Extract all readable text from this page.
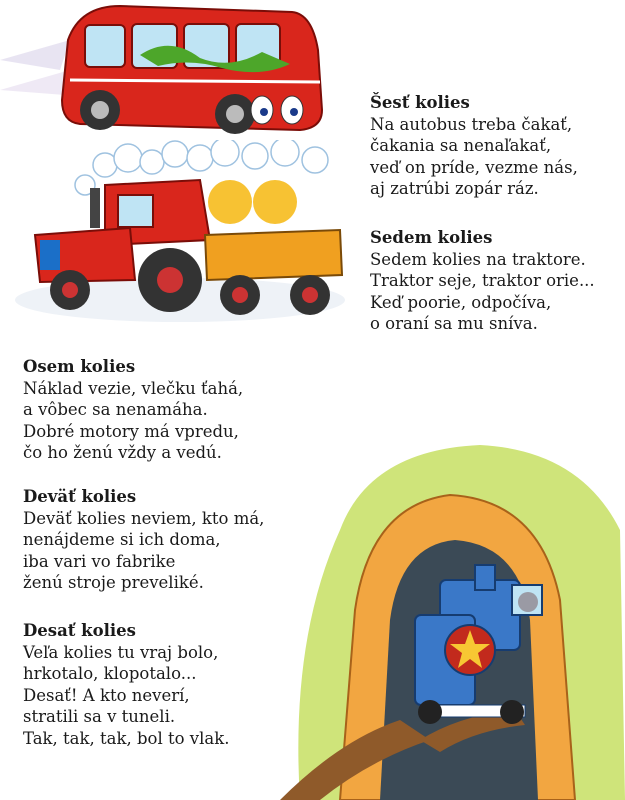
Šesť kolies

Na autobus treba čakať,

čakania sa nenaľakať,

veď on príde, vezme nás,

aj zatrúbi zopár ráz.

Sedem kolies

Sedem kolies na traktore.

Traktor seje, traktor orie...

Keď poorie, odpočíva,

o oraní sa mu sníva.

Osem kolies

Náklad vezie, vlečku ťahá,

a vôbec sa nenamáha.

Dobré motory má vpredu,

čo ho ženú vždy a vedú.

Deväť kolies

Deväť kolies neviem, kto má,

nenájdeme si ich doma,

iba vari vo fabrike

ženú stroje preveliké.

Desať kolies

Veľa kolies tu vraj bolo,

hrkotalo, klopotalo...

Desať! A kto neverí,

stratili sa v tuneli.

Tak, tak, tak, bol to vlak.
